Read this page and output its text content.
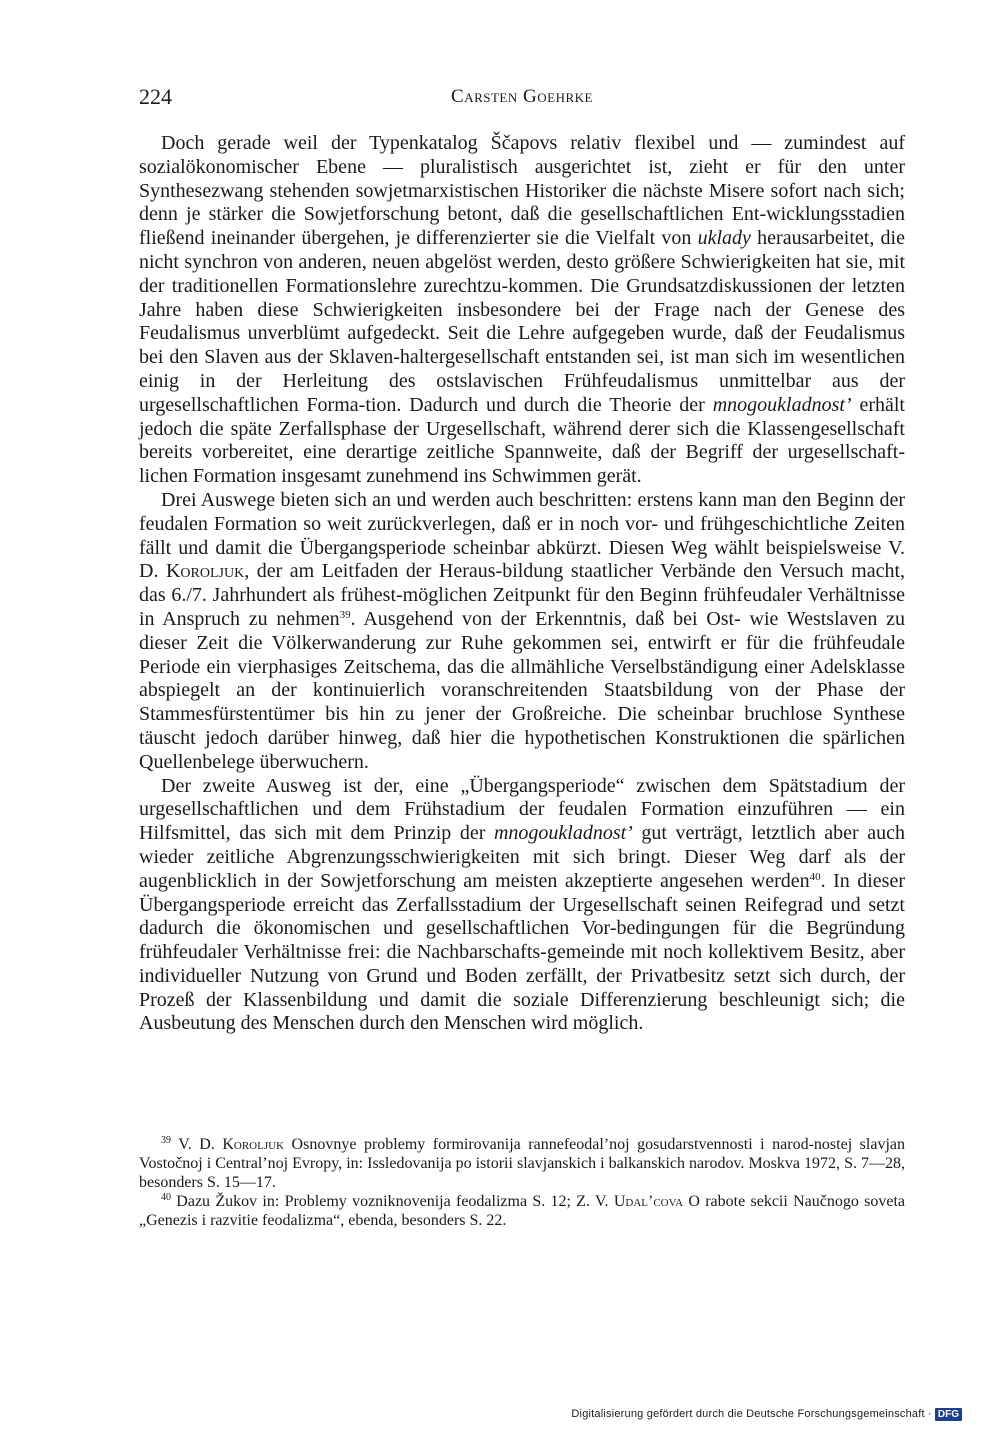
224	Carsten Goehrke

Doch gerade weil der Typenkatalog Ščapovs relativ flexibel und — zumindest auf sozialökonomischer Ebene — pluralistisch ausgerichtet ist, zieht er für den unter Synthesezwang stehenden sowjetmarxistischen Historiker die nächste Misere sofort nach sich; denn je stärker die Sowjetforschung betont, daß die gesellschaftlichen Ent-wicklungsstadien fließend ineinander übergehen, je differenzierter sie die Vielfalt von uklady herausarbeitet, die nicht synchron von anderen, neuen abgelöst werden, desto größere Schwierigkeiten hat sie, mit der traditionellen Formationslehre zurechtzu-kommen. Die Grundsatzdiskussionen der letzten Jahre haben diese Schwierigkeiten insbesondere bei der Frage nach der Genese des Feudalismus unverblümt aufgedeckt. Seit die Lehre aufgegeben wurde, daß der Feudalismus bei den Slaven aus der Sklaven-haltergesellschaft entstanden sei, ist man sich im wesentlichen einig in der Herleitung des ostslavischen Frühfeudalismus unmittelbar aus der urgesellschaftlichen Forma-tion. Dadurch und durch die Theorie der mnogoukladnost’ erhält jedoch die späte Zerfallsphase der Urgesellschaft, während derer sich die Klassengesellschaft bereits vorbereitet, eine derartige zeitliche Spannweite, daß der Begriff der urgesellschaft-lichen Formation insgesamt zunehmend ins Schwimmen gerät.

Drei Auswege bieten sich an und werden auch beschritten: erstens kann man den Beginn der feudalen Formation so weit zurückverlegen, daß er in noch vor- und frühgeschichtliche Zeiten fällt und damit die Übergangsperiode scheinbar abkürzt. Diesen Weg wählt beispielsweise V. D. Koroljuk, der am Leitfaden der Heraus-bildung staatlicher Verbände den Versuch macht, das 6./7. Jahrhundert als frühest-möglichen Zeitpunkt für den Beginn frühfeudaler Verhältnisse in Anspruch zu nehmen$^{39}$. Ausgehend von der Erkenntnis, daß bei Ost- wie Westslaven zu dieser Zeit die Völkerwanderung zur Ruhe gekommen sei, entwirft er für die frühfeudale Periode ein vierphasiges Zeitschema, das die allmähliche Verselbständigung einer Adelsklasse abspiegelt an der kontinuierlich voranschreitenden Staatsbildung von der Phase der Stammesfürstentümer bis hin zu jener der Großreiche. Die scheinbar bruchlose Synthese täuscht jedoch darüber hinweg, daß hier die hypothetischen Konstruktionen die spärlichen Quellenbelege überwuchern.

Der zweite Ausweg ist der, eine „Übergangsperiode“ zwischen dem Spätstadium der urgesellschaftlichen und dem Frühstadium der feudalen Formation einzuführen — ein Hilfsmittel, das sich mit dem Prinzip der mnogoukladnost’ gut verträgt, letztlich aber auch wieder zeitliche Abgrenzungsschwierigkeiten mit sich bringt. Dieser Weg darf als der augenblicklich in der Sowjetforschung am meisten akzeptierte angesehen werden$^{40}$. In dieser Übergangsperiode erreicht das Zerfallsstadium der Urgesellschaft seinen Reifegrad und setzt dadurch die ökonomischen und gesellschaftlichen Vor-bedingungen für die Begründung frühfeudaler Verhältnisse frei: die Nachbarschafts-gemeinde mit noch kollektivem Besitz, aber individueller Nutzung von Grund und Boden zerfällt, der Privatbesitz setzt sich durch, der Prozeß der Klassenbildung und damit die soziale Differenzierung beschleunigt sich; die Ausbeutung des Menschen durch den Menschen wird möglich.

$^{39}$ V. D. Koroljuk Osnovnye problemy formirovanija rannefeodal’noj gosudarstvennosti i narod-nostej slavjan Vostočnoj i Central’noj Evropy, in: Issledovanija po istorii slavjanskich i balkanskich narodov. Moskva 1972, S. 7—28, besonders S. 15—17.

$^{40}$ Dazu Žukov in: Problemy vozniknovenija feodalizma S. 12; Z. V. Udal’cova O rabote sekcii Naučnogo soveta „Genezis i razvitie feodalizma“, ebenda, besonders S. 22.

Digitalisierung gefördert durch die Deutsche Forschungsgemeinschaft · DFG
